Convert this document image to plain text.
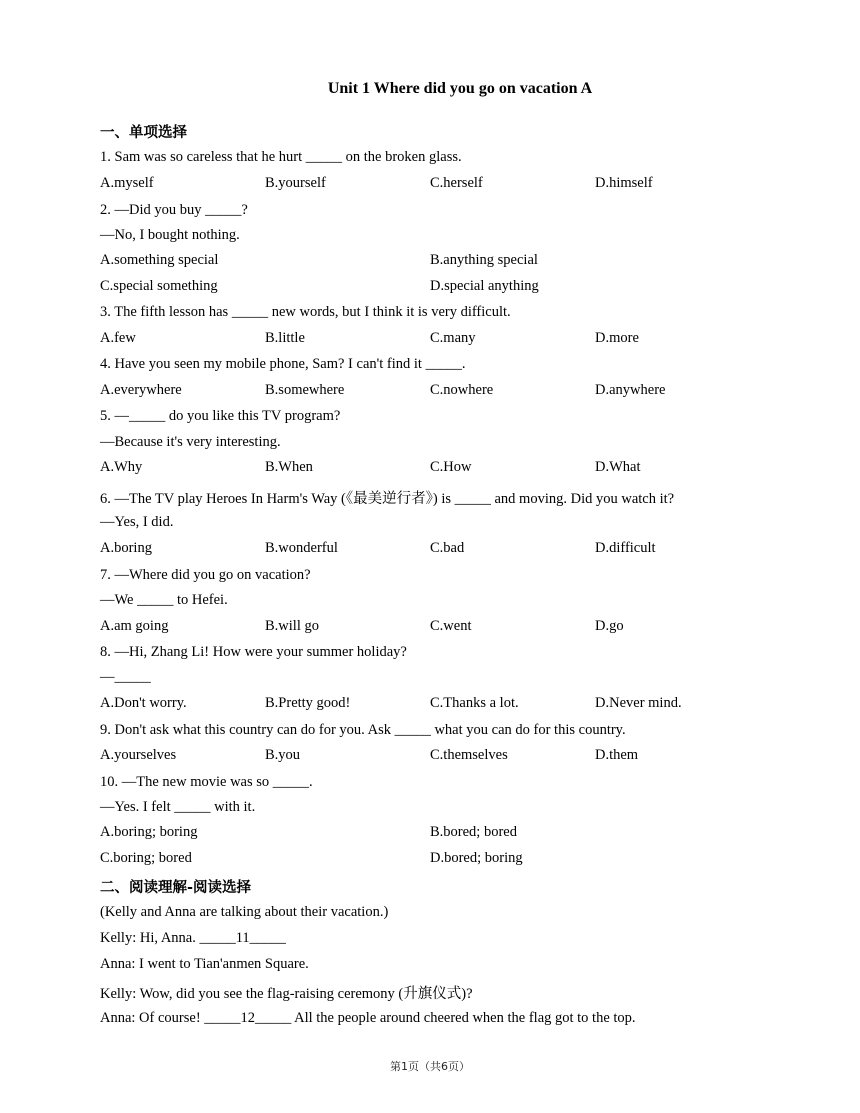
Unit 1 Where did you go on vacation A
一、单项选择
1. Sam was so careless that he hurt _____ on the broken glass.
A.myself	B.yourself	C.herself	D.himself
2. —Did you buy _____?
—No, I bought nothing.
A.something special	B.anything special
C.special something	D.special anything
3. The fifth lesson has _____ new words, but I think it is very difficult.
A.few	B.little	C.many	D.more
4. Have you seen my mobile phone, Sam? I can't find it _____.
A.everywhere	B.somewhere	C.nowhere	D.anywhere
5. —_____ do you like this TV program?
—Because it's very interesting.
A.Why	B.When	C.How	D.What
6. —The TV play Heroes In Harm's Way (《最美逆行者》) is _____ and moving. Did you watch it?
—Yes, I did.
A.boring	B.wonderful	C.bad	D.difficult
7. —Where did you go on vacation?
—We _____ to Hefei.
A.am going	B.will go	C.went	D.go
8. —Hi, Zhang Li! How were your summer holiday?
—_____
A.Don't worry.	B.Pretty good!	C.Thanks a lot.	D.Never mind.
9. Don't ask what this country can do for you. Ask _____ what you can do for this country.
A.yourselves	B.you	C.themselves	D.them
10. —The new movie was so _____.
—Yes. I felt _____ with it.
A.boring; boring	B.bored; bored
C.boring; bored	D.bored; boring
二、阅读理解-阅读选择
(Kelly and Anna are talking about their vacation.)
Kelly: Hi, Anna. _____11_____
Anna: I went to Tian'anmen Square.
Kelly: Wow, did you see the flag-raising ceremony (升旗仪式)?
Anna: Of course! _____12_____ All the people around cheered when the flag got to the top.
第1页（共6页）
